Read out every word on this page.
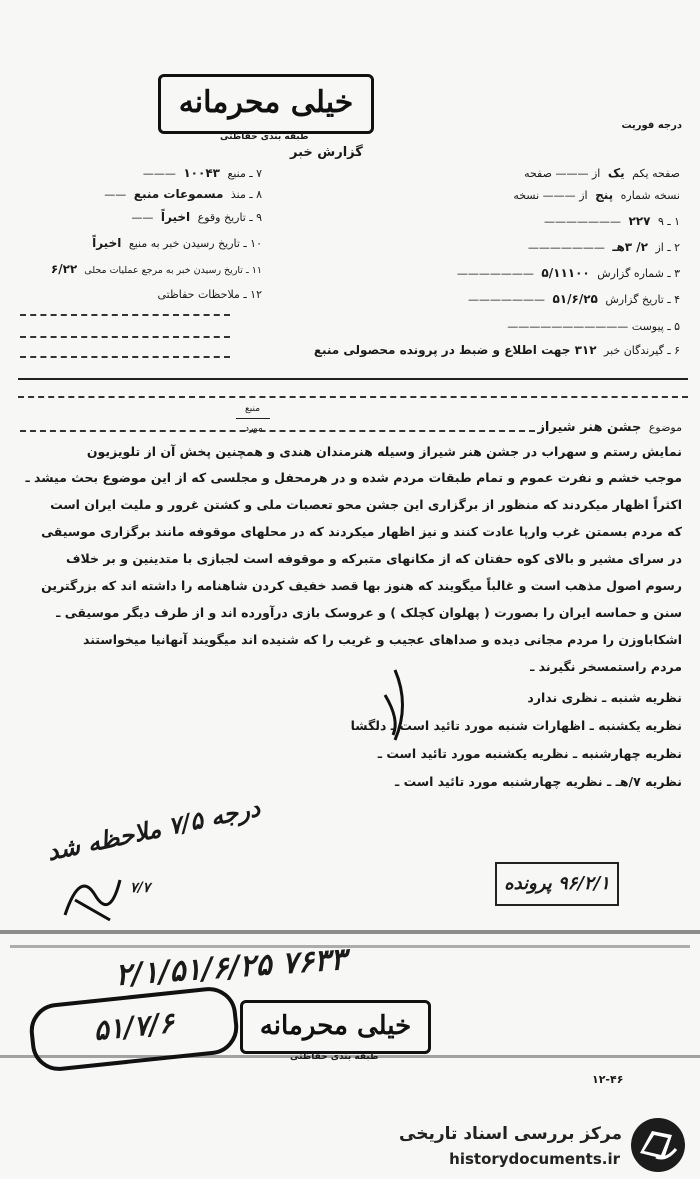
خیلی محرمانه
طبقه بندی حفاظتی
گزارش خبر
درجه فوریت
صفحه یکم یک از ——— صفحه
نسخه شماره پنج از ——— نسخه
۱ ـ ۹ ۲۲۷ ———————
۲ ـ از ۲/ ۳هـ ———————
۳ ـ شماره گزارش ۵/۱۱۱۰۰ ———————
۴ ـ تاریخ گزارش ۵۱/۶/۲۵ ———————
۵ ـ پیوست ———————————
۶ ـ گیرندگان خبر ۳۱۲ جهت اطلاع و ضبط در پرونده محصولی منبع
۷ ـ منبع ۱۰۰۴۳ ———
۸ ـ منذ مسموعات منبع ——
۹ ـ تاریخ وقوع اخیراً ——
۱۰ ـ تاریخ رسیدن خبر به منبع اخیراً
۱۱ ـ تاریخ رسیدن خبر به مرجع عملیات محلی ۶/۲۲
۱۲ ـ ملاحظات حفاظتی
منبع
مورد	موضوع جشن هنر شیراز
نمایش رستم و سهراب در جشن هنر شیراز وسیله هنرمندان هندی و همچنین پخش آن از تلویزیون
موجب خشم و نفرت عموم و تمام طبقات مردم شده و در هرمحفل و مجلسی که از این موضوع بحث میشد ـ
اکثراً اظهار میکردند که منظور از برگزاری این جشن محو تعصبات ملی و کشتن غرور و ملیت ایران است
که مردم بسمتن غرب وارپا عادت کنند و نیز اظهار میکردند که در محلهای موقوفه مانند برگزاری موسیقی
در سرای مشیر و بالای کوه حفتان که از مکانهای متبرکه و موقوفه است لجبازی با متدینین و بر خلاف
رسوم اصول مذهب است و غالباً میگویند که هنوز بها قصد خفیف کردن شاهنامه را داشته اند که بزرگترین
سنن و حماسه ایران را بصورت ( پهلوان کچلک ) و عروسک بازی درآورده اند و از طرف دیگر موسیقی ـ
اشکاباوزن را مردم مجانی دیده و صداهای عجیب و غریب را که شنیده اند میگویند آنهانیا میخواستند
مردم راستمسخر نگیرند ـ
نظریه شنبه ـ نظری ندارد
نظریه یکشنبه ـ اظهارات شنبه مورد تائید است ـ دلگشا
نظریه چهارشنبه ـ نظریه یکشنبه مورد تائید است ـ
نظریه ۷/هـ ـ نظریه چهارشنبه مورد تائید است ـ
درجه ۷/۵ ملاحظه شد
۷/۷	۹۶/۲/۱ پرونده
۲/۱/۵۱/۶/۲۵ ۷۶۳۳
۵۱/۷/۶	خیلی محرمانه
طبقه بندی حفاظتی
۱۲-۴۶
مرکز بررسی اسناد تاریخی
historydocuments.ir
